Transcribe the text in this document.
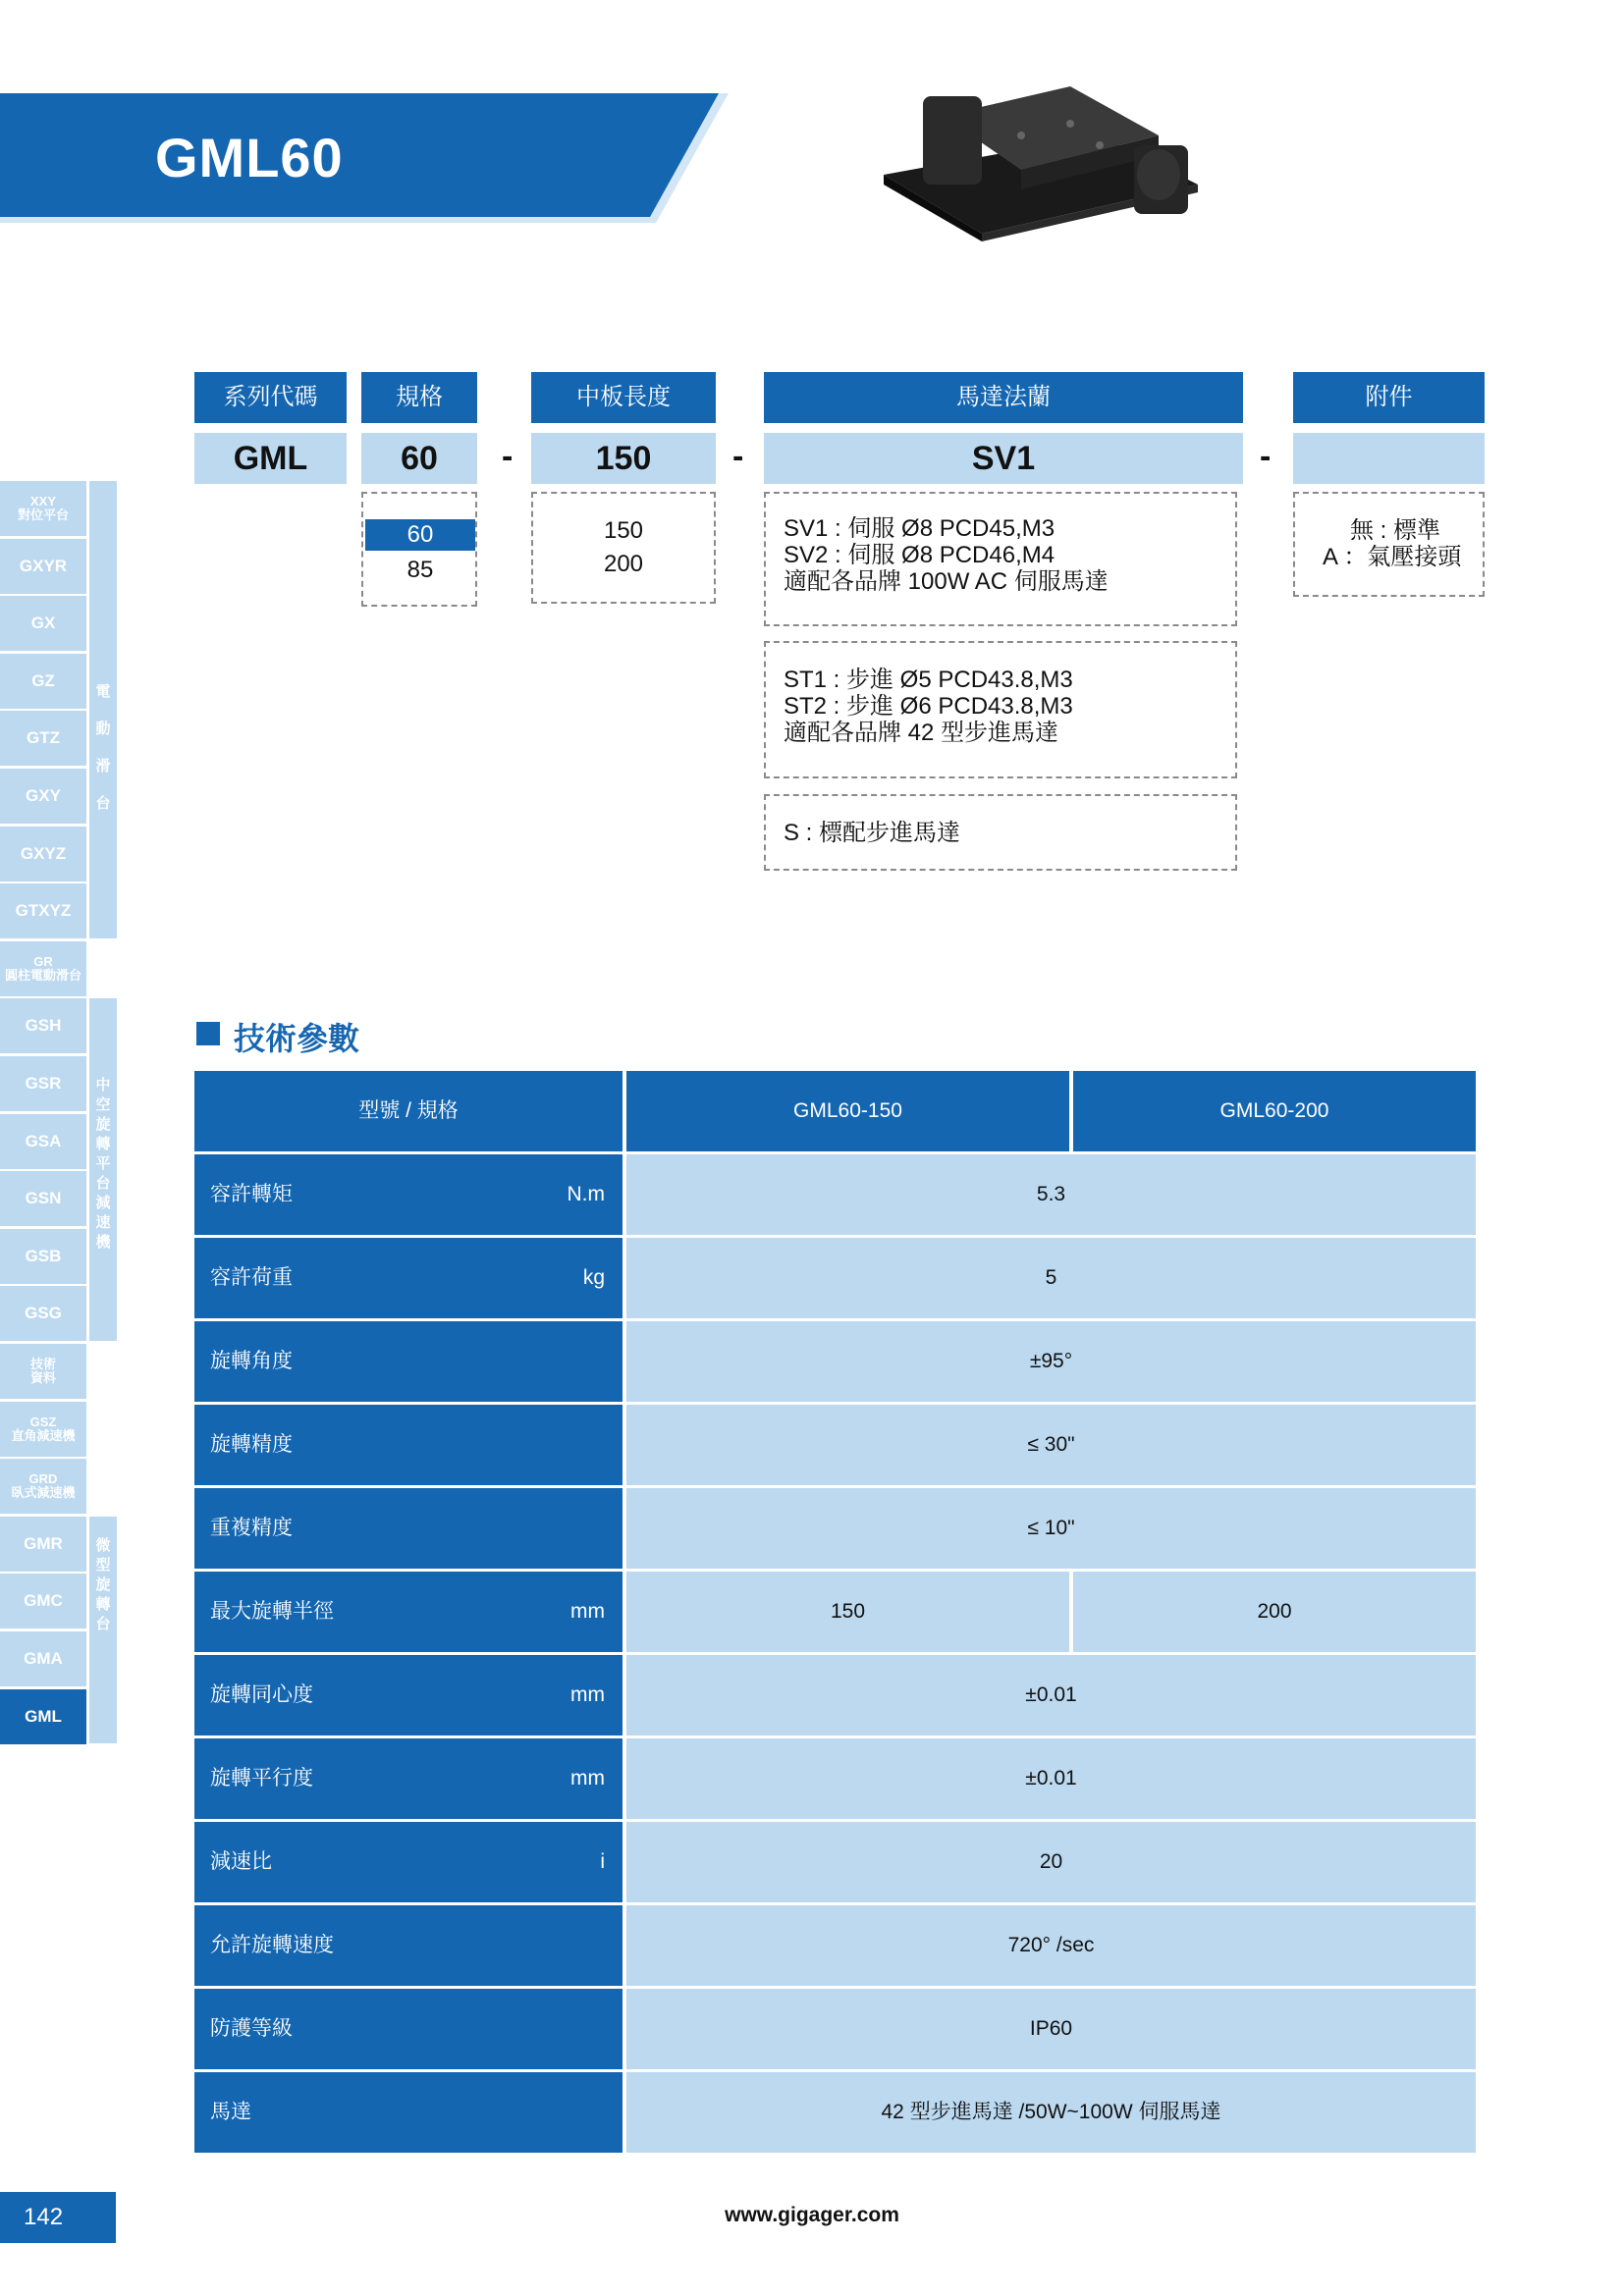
GML60
系列代碼	規格	中板長度	馬達法蘭	附件
GML	60	-	150	-	SV1	-
60
85
150
200
SV1 : 伺服 Ø8 PCD45,M3
SV2 : 伺服 Ø8 PCD46,M4
適配各品牌 100W AC 伺服馬達
ST1 : 步進 Ø5 PCD43.8,M3
ST2 : 步進 Ø6 PCD43.8,M3
適配各品牌 42 型步進馬達
S : 標配步進馬達
無 : 標準
A ：氣壓接頭
XXY
對位平台
GXYR
GX
GZ
GTZ
GXY
GXYZ
GTXYZ
GR
圓柱電動滑台
GSH
GSR
GSA
GSN
GSB
GSG
技術
資料
GSZ
直角減速機
GRD
臥式減速機
GMR
GMC
GMA
GML
電動滑台
中空旋轉平台減速機
微型旋轉台
技術參數
型號 / 規格	GML60-150	GML60-200
容許轉矩	N.m	5.3
容許荷重	kg	5
旋轉角度	±95°
旋轉精度	≤ 30"
重複精度	≤ 10"
最大旋轉半徑	mm	150	200
旋轉同心度	mm	±0.01
旋轉平行度	mm	±0.01
減速比	i	20
允許旋轉速度	720° /sec
防護等級	IP60
馬達	42 型步進馬達 /50W~100W 伺服馬達
142	www.gigager.com
